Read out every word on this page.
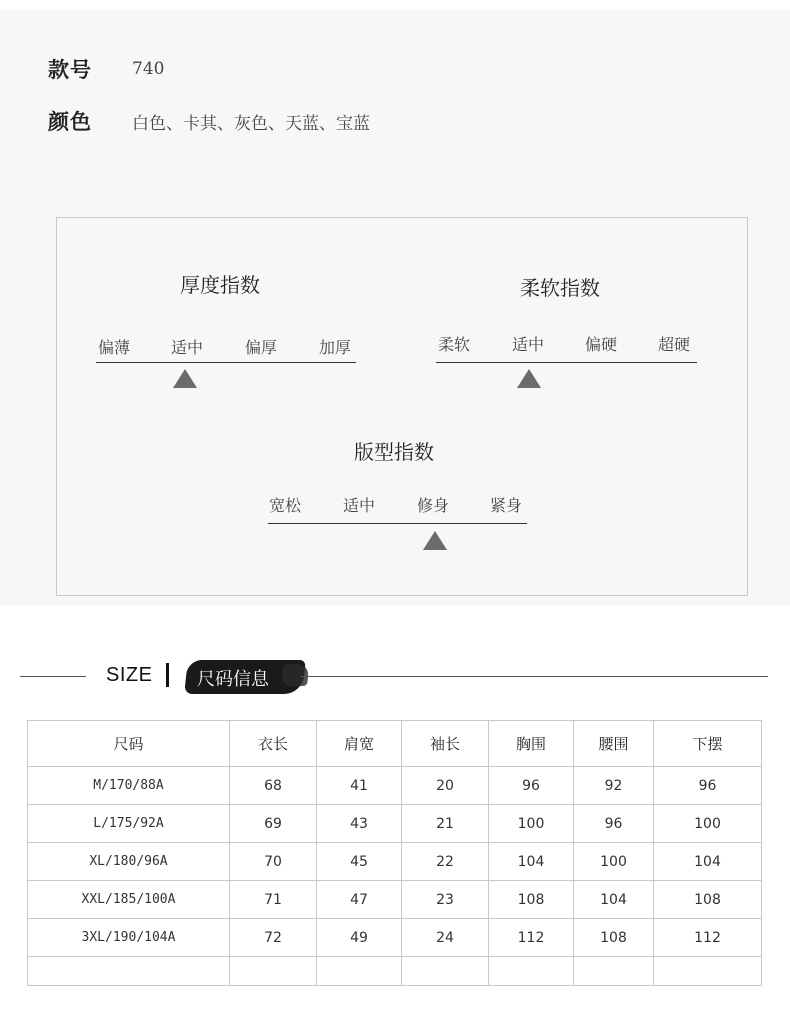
款号	740
颜色	白色、卡其、灰色、天蓝、宝蓝
厚度指数
偏薄	适中	偏厚	加厚
柔软指数
柔软	适中	偏硬	超硬
版型指数
宽松	适中	修身	紧身
SIZE 尺码信息
尺码	衣长	肩宽	袖长	胸围	腰围	下摆
M/170/88A	68	41	20	96	92	96
L/175/92A	69	43	21	100	96	100
XL/180/96A	70	45	22	104	100	104
XXL/185/100A	71	47	23	108	104	108
3XL/190/104A	72	49	24	112	108	112
